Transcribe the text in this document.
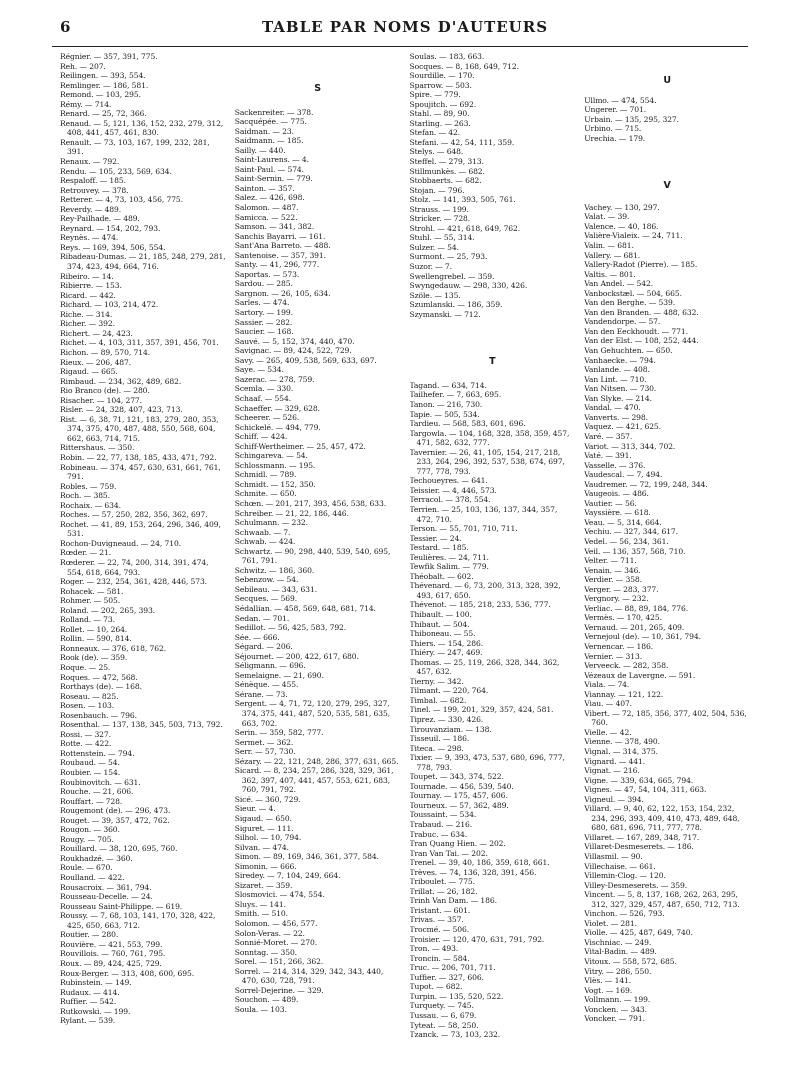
6	TABLE PAR NOMS D'AUTEURS
Régnier. — 357, 391, 775.
Reh. — 207.
Reilingen. — 393, 554.
Remlinger. — 186, 581.
Remond. — 103, 295.
Rémy. — 714.
Renard. — 25, 72, 366.
Renaud. — 5, 121, 136, 152, 232, 279, 312, 408, 441, 457, 461, 830.
Renault. — 73, 103, 167, 199, 232, 281, 391.
Renaux. — 792.
Rendu. — 105, 233, 569, 634.
Respaloff. — 185.
Retrouvey. — 378.
Retterer. — 4, 73, 103, 456, 775.
Reverdy. — 489.
Rey-Pailhade. — 489.
Reynard. — 154, 202, 793.
Reynès. — 474.
Reys. — 169, 394, 506, 554.
Ribadeau-Dumas. — 21, 185, 248, 279, 281, 374, 423, 494, 664, 716.
Ribeiro. — 14.
Ribierre. — 153.
Ricard. — 442.
Richard. — 103, 214, 472.
Riche. — 314.
Richer. — 392.
Richert. — 24, 423.
Richet. — 4, 103, 311, 357, 391, 456, 701.
Richon. — 89, 570, 714.
Rieux. — 206, 487.
Rigaud. — 665.
Rimbaud. — 234, 362, 489, 682.
Rio Branco (de). — 280.
Risacher. — 104, 277.
Risler. — 24, 328, 407, 423, 713.
Rist. — 6, 38, 71, 121, 183, 279, 280, 353, 374, 375, 470, 487, 488, 550, 568, 604, 662, 663, 714, 715.
Rittershaus. — 350.
Robin. — 22, 77, 138, 185, 433, 471, 792.
Robineau. — 374, 457, 630, 631, 661, 761, 791.
Robles. — 759.
Roch. — 385.
Rochaix. — 634.
Roches. — 57, 250, 282, 356, 362, 697.
Rochet. — 41, 89, 153, 264, 296, 346, 409, 531.
Rochon-Duvigneaud. — 24, 710.
Rœder. — 21.
Rœderer. — 22, 74, 200, 314, 391, 474, 554, 618, 664, 793.
Roger. — 232, 254, 361, 428, 446, 573.
Rohacek. — 581.
Rohmer. — 505.
Roland. — 202, 265, 393.
Rolland. — 73.
Rollet. — 10, 264.
Rollin. — 590, 814.
Ronneaux. — 376, 618, 762.
Rook (de). — 359.
Roque. — 25.
Roques. — 472, 568.
Rorthays (de). — 168.
Roseau. — 825.
Rosen. — 103.
Rosenbauch. — 796.
Rosenthal. — 137, 138, 345, 503, 713, 792.
Rossi. — 327.
Rotte. — 422.
Rottenstein. — 794.
Roubaud. — 54.
Roubier. — 154.
Roubinovitch. — 631.
Rouche. — 21, 606.
Rouffart. — 728.
Rougemont (de). — 296, 473.
Rouget. — 39, 357, 472, 762.
Rougon. — 360.
Rougy. — 705.
Rouillard. — 38, 120, 695, 760.
Roukhadzé. — 360.
Roule. — 670.
Roulland. — 422.
Rousacroix. — 361, 794.
Rousseau-Decelle. — 24.
Rousseau Saint-Philippe. — 619.
Roussy. — 7, 68, 103, 141, 170, 328, 422, 425, 650, 663, 712.
Routier. — 280.
Rouvière. — 421, 553, 799.
Rouvillois. — 760, 761, 795.
Roux. — 89, 424, 425, 729.
Roux-Berger. — 313, 408, 600, 695.
Rubinstein. — 149.
Rudaux. — 414.
Ruffier. — 542.
Rutkowski. — 199.
Rylant. — 539.
S
Sackenreiter. — 378.
Sacquépée. — 775.
Saidman. — 23.
Saidmann. — 185.
Sailly. — 440.
Saint-Laurens. — 4.
Saint-Paul. — 574.
Saint-Sernin. — 779.
Sainton. — 357.
Salez. — 426, 698.
Salomon. — 487.
Samicca. — 522.
Samson. — 341, 382.
Sanchis Bayarri. — 161.
Sant'Ana Barreto. — 488.
Santenoise. — 357, 391.
Santy. — 41, 296, 777.
Saportas. — 573.
Sardou. — 285.
Sargnon. — 26, 105, 634.
Sarles. — 474.
Sartory. — 199.
Sassier. — 282.
Saucier. — 168.
Sauvé. — 5, 152, 374, 440, 470.
Savignac. — 89, 424, 522, 729.
Savy. — 265, 409, 538, 569, 633, 697.
Saye. — 534.
Sazerac. — 278, 759.
Scemla. — 330.
Schaaf. — 554.
Schaeffer. — 329, 628.
Scheerer. — 526.
Schickelé. — 494, 779.
Schiff. — 424.
Schiff-Wertheimer. — 25, 457, 472.
Schingareva. — 54.
Schlossmann. — 195.
Schmidl. — 789.
Schmidt. — 152, 350.
Schmite. — 650.
Schœn. — 201, 217, 393, 456, 538, 633.
Schreiber. — 21, 22, 186, 446.
Schulmann. — 232.
Schwaab. — 7.
Schwab. — 424.
Schwartz. — 90, 298, 440, 539, 540, 695, 761, 791.
Schwitz. — 186, 360.
Sebenzow. — 54.
Sebileau. — 343, 631.
Secques. — 569.
Sédallian. — 458, 569, 648, 681, 714.
Sedan. — 701.
Sedillot. — 56, 425, 583, 792.
Sée. — 666.
Ségard. — 206.
Séjournet. — 200, 422, 617, 680.
Séligmann. — 696.
Semelaigne. — 21, 690.
Sénèque. — 455.
Sérane. — 73.
Sergent. — 4, 71, 72, 120, 279, 295, 327, 374, 375, 441, 487, 520, 535, 581, 635, 663, 702.
Serin. — 359, 582, 777.
Sermet. — 362.
Serr. — 57, 730.
Sézary. — 22, 121, 248, 286, 377, 631, 665.
Sicard. — 8, 234, 257, 286, 328, 329, 361, 362, 397, 407, 441, 457, 553, 621, 683, 760, 791, 792.
Sicé. — 360, 729.
Sieur. — 4.
Sigaud. — 650.
Siguret. — 111.
Silhol. — 10, 794.
Silvan. — 474.
Simon. — 89, 169, 346, 361, 377, 584.
Simonin. — 666.
Siredey. — 7, 104, 249, 664.
Sizaret. — 359.
Slosmovici. — 474, 554.
Sluys. — 141.
Smith. — 510.
Solomon. — 456, 577.
Solon-Veras. — 22.
Sonnié-Moret. — 270.
Sonntag. — 350.
Sorel. — 151, 266, 362.
Sorrel. — 214, 314, 329, 342, 343, 440, 470, 630, 728, 791.
Sorrel-Dejerine. — 329.
Souchon. — 489.
Soula. — 103.
Soulas. — 183, 663.
Socques. — 8, 168, 649, 712.
Sourdille. — 170.
Sparrow. — 503.
Spire. — 779.
Spoujitch. — 692.
Stahl. — 89, 90.
Starling. — 263.
Stefan. — 42.
Stefani. — 42, 54, 111, 359.
Stelys. — 648.
Steffel. — 279, 313.
Stillmunkès. — 682.
Stobbaerts. — 682.
Stojan. — 796.
Stolz. — 141, 393, 505, 761.
Strauss. — 199.
Stricker. — 728.
Strohl. — 421, 618, 649, 762.
Stuhl. — 55, 314.
Sulzer. — 54.
Surmont. — 25, 793.
Suzor. — 7.
Swellengrebel. — 359.
Swyngedauw. — 298, 330, 426.
Szöle. — 135.
Szumlanski. — 186, 359.
Szymanski. — 712.
T
Tagand. — 634, 714.
Tailhefer. — 7, 663, 695.
Tanon. — 216, 730.
Tapie. — 505, 534.
Tardieu. — 568, 583, 601, 696.
Targowla. — 104, 168, 328, 358, 359, 457, 471, 582, 632, 777.
Tavernier. — 26, 41, 105, 154, 217, 218, 233, 264, 296, 392, 537, 538, 674, 697, 777, 778, 793.
Techoueyres. — 641.
Teissier. — 4, 446, 573.
Terracol. — 378, 554.
Terrien. — 25, 103, 136, 137, 344, 357, 472, 710.
Terson. — 55, 701, 710, 711.
Tessier. — 24.
Testard. — 185.
Teulières. — 24, 711.
Tewfik Salim. — 779.
Théobalt. — 602.
Thévenard. — 6, 73, 200, 313, 328, 392, 493, 617, 650.
Thévenot. — 185, 218, 233, 536, 777.
Thibault. — 100.
Thibaut. — 504.
Thiboneau. — 55.
Thiers. — 154, 286.
Thiéry. — 247, 469.
Thomas. — 25, 119, 266, 328, 344, 362, 457, 632.
Tierny. — 342.
Tilmant. — 220, 764.
Timbal. — 682.
Tinel. — 199, 201, 329, 357, 424, 581.
Tiprez. — 330, 426.
Tirouvanziam. — 138.
Tisseuil. — 186.
Titeca. — 298.
Tixier. — 9, 393, 473, 537, 680, 696, 777, 778, 793.
Toupet. — 343, 374, 522.
Tournade. — 456, 539, 540.
Tournay. — 175, 457, 606.
Tourneux. — 57, 362, 489.
Toussaint. — 534.
Trabaud. — 216.
Trabuc. — 634.
Tran Quang Hien. — 202.
Tran Van Tai. — 202.
Trenel. — 39, 40, 186, 359, 618, 661.
Trèves. — 74, 136, 328, 391, 456.
Triboulet. — 775.
Trillat. — 26, 182.
Trinh Van Dam. — 186.
Tristant. — 601.
Trivas. — 357.
Trocmé. — 506.
Troisier. — 120, 470, 631, 791, 792.
Tron. — 493.
Troncin. — 584.
Truc. — 206, 701, 711.
Tuffier. — 327, 606.
Tupot. — 682.
Turpin. — 135, 520, 522.
Turquety. — 745.
Tussau. — 6, 679.
Tyteat. — 58, 250.
Tzanck. — 73, 103, 232.
U
Ullmo. — 474, 554.
Ungerer. — 701.
Urbain. — 135, 295, 327.
Urbino. — 715.
Urechia. — 179.
V
Vachey. — 130, 297.
Valat. — 39.
Valence. — 40, 186.
Valière-Vialeix. — 24, 711.
Valin. — 681.
Vallery. — 681.
Vallery-Radot (Pierre). — 185.
Valtis. — 801.
Van Andel. — 542.
Vanbockstæl. — 504, 665.
Van den Berghe. — 539.
Van den Branden. — 488, 632.
Vandendorpe. — 57.
Van den Eeckhoudt. — 771.
Van der Elst. — 108, 252, 444.
Van Gehuchten. — 650.
Vanhaecke. — 794.
Vanlande. — 408.
Van Lint. — 710.
Van Nitsen. — 730.
Van Slyke. — 214.
Vandal. — 470.
Vanverts. — 298.
Vaquez. — 421, 625.
Varé. — 357.
Variot. — 313, 344, 702.
Vaté. — 391.
Vasselle. — 376.
Vaudescal. — 7, 494.
Vaudremer. — 72, 199, 248, 344.
Vaugeois. — 486.
Vautier. — 56.
Vayssière. — 618.
Veau. — 5, 314, 664.
Vechiu. — 327, 344, 617.
Vedel. — 56, 234, 361.
Veil. — 136, 357, 568, 710.
Velter. — 711.
Venain. — 346.
Verdier. — 358.
Verger. — 283, 377.
Vergnory. — 232.
Verliac. — 88, 89, 184, 776.
Vermès. — 170, 425.
Vernaud. — 201, 265, 409.
Vernejoul (de). — 10, 361, 794.
Vernencar. — 186.
Vernier. — 313.
Verveeck. — 282, 358.
Vézeaux de Lavergne. — 591.
Viala. — 74.
Viannay. — 121, 122.
Viau. — 407.
Vibert. — 72, 185, 356, 377, 402, 504, 536, 760.
Vielle. — 42.
Vienne. — 378, 490.
Vignal. — 314, 375.
Vignard. — 441.
Vignat. — 216.
Vigne. — 339, 634, 665, 794.
Vignes. — 47, 54, 104, 311, 663.
Vigneul. — 394.
Villard. — 9, 40, 62, 122, 153, 154, 232, 234, 296, 393, 409, 410, 473, 489, 648, 680, 681, 696, 711, 777, 778.
Villaret. — 167, 289, 348, 717.
Villaret-Desmeserets. — 186.
Villasmil. — 90.
Villechaise. — 661.
Villemin-Clog. — 120.
Villey-Desmeserets. — 359.
Vincent. — 5, 8, 137, 168, 262, 263, 295, 312, 327, 329, 457, 487, 650, 712, 713.
Vinchon. — 526, 793.
Violet. — 281.
Violle. — 425, 487, 649, 740.
Vischniac. — 249.
Vital-Badin. — 489.
Vitoux. — 558, 572, 685.
Vitry. — 286, 550.
Vlès. — 141.
Vogt. — 169.
Vollmann. — 199.
Voncken. — 343.
Voncker. — 791.
